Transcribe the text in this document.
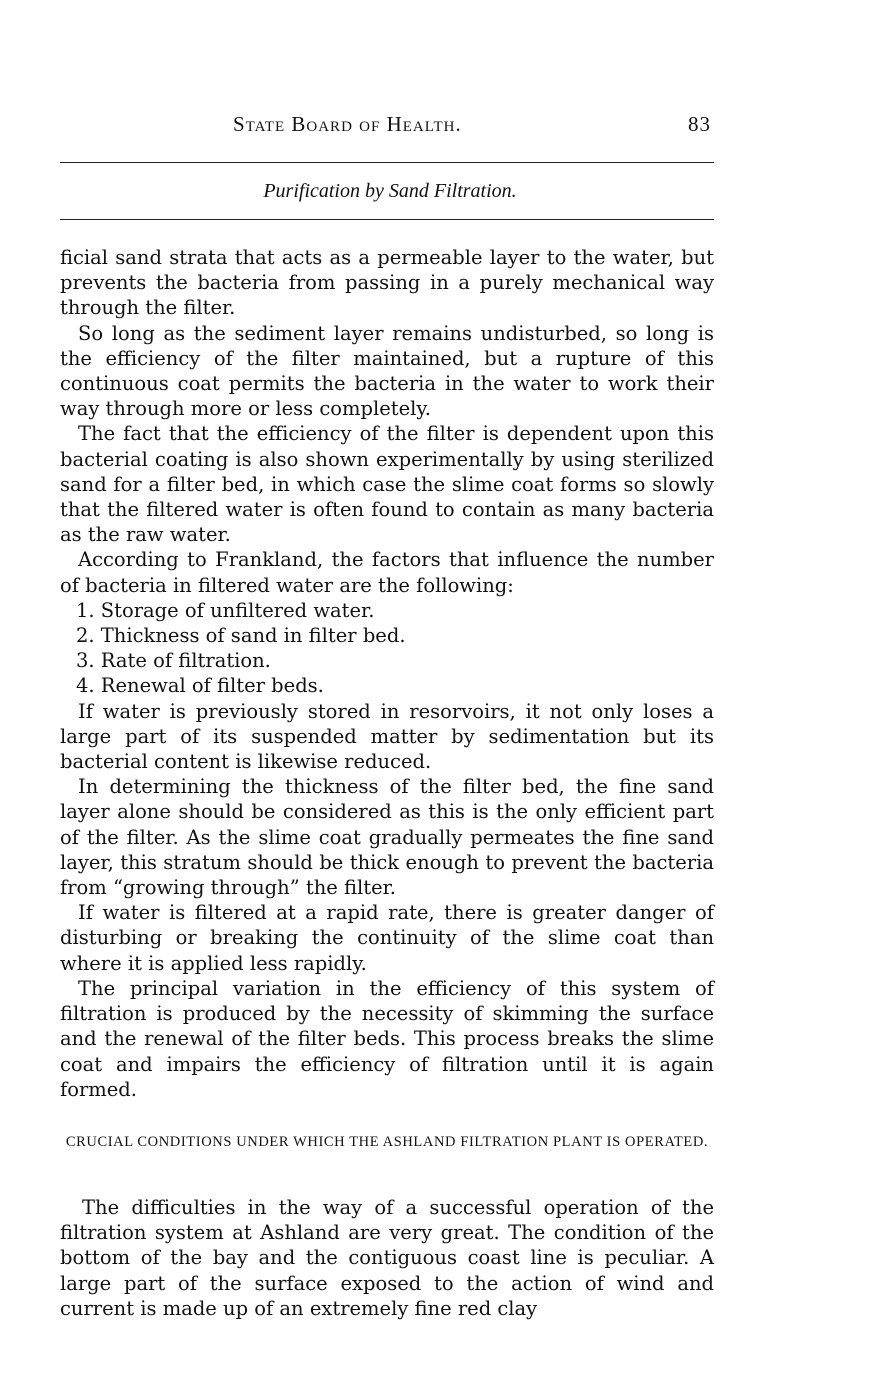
State Board of Health.	83
Purification by Sand Filtration.

ficial sand strata that acts as a permeable layer to the water, but prevents the bacteria from passing in a purely mechanical way through the filter.

So long as the sediment layer remains undisturbed, so long is the efficiency of the filter maintained, but a rupture of this continuous coat permits the bacteria in the water to work their way through more or less completely.

The fact that the efficiency of the filter is dependent upon this bacterial coating is also shown experimentally by using sterilized sand for a filter bed, in which case the slime coat forms so slowly that the filtered water is often found to contain as many bacteria as the raw water.

According to Frankland, the factors that influence the number of bacteria in filtered water are the following:

1. Storage of unfiltered water.
2. Thickness of sand in filter bed.
3. Rate of filtration.
4. Renewal of filter beds.

If water is previously stored in resorvoirs, it not only loses a large part of its suspended matter by sedimentation but its bacterial content is likewise reduced.

In determining the thickness of the filter bed, the fine sand layer alone should be considered as this is the only efficient part of the filter. As the slime coat gradually permeates the fine sand layer, this stratum should be thick enough to prevent the bacteria from “growing through” the filter.

If water is filtered at a rapid rate, there is greater danger of disturbing or breaking the continuity of the slime coat than where it is applied less rapidly.

The principal variation in the efficiency of this system of filtration is produced by the necessity of skimming the surface and the renewal of the filter beds. This process breaks the slime coat and impairs the efficiency of filtration until it is again formed.

CRUCIAL CONDITIONS UNDER WHICH THE ASHLAND FILTRATION PLANT IS OPERATED.

The difficulties in the way of a successful operation of the filtration system at Ashland are very great. The condition of the bottom of the bay and the contiguous coast line is peculiar. A large part of the surface exposed to the action of wind and current is made up of an extremely fine red clay
